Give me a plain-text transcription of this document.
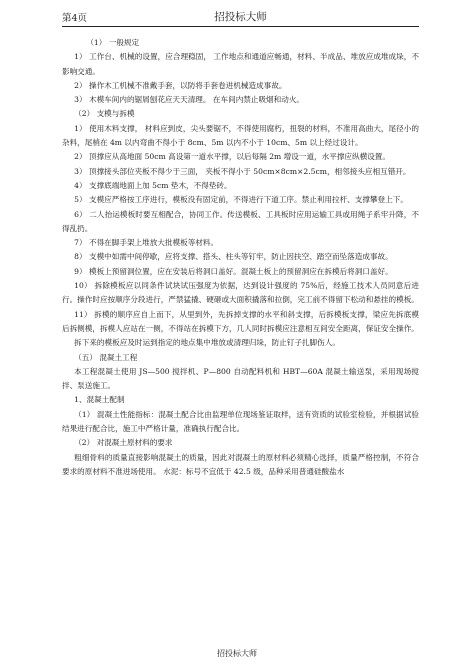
第4页	招投标大师

（1） 一般规定

1） 工作台、机械的设置，应合理稳固， 工作地点和通道应畅通，材料、半成品、堆放应成堆成垛，不影响交通。

2） 操作木工机械不准戴手套，以防将手套卷进机械造成事故。

3） 木模车间内的锯屑刨花应天天清理。 在车间内禁止吸烟和动火。

（2） 支模与拆模

1） 使用木料支撑， 材料应到皮，尖头要锯不，不得使用腐朽，扭裂的材料，不准用高曲大，尾径小的杂料，尾梢在 4m 以内弯曲不得小于 8cm、5m 以内不小于 10cm、5m 以上经过设计。

2） 顶撑应从高地面 50cm 高设第一道水平撑，以后每隔 2m 增设一道，水平撑应纵横设置。

3） 顶撑接头部位夹板不得少于三面， 夹板不得小于 50cm×8cm×2.5cm，相邻接头应相互错开。

4） 支撑底端地面上加 5cm 垫木，不得垫砖。

5） 支模应严格按工序进行，模板没有固定前，不得进行下道工序。禁止利用拉杆、支撑攀登上下。

6） 二人抬运模板时要互相配合，协同工作。传送模板、工具板时应用运输工具或用绳子系牢升降，不得乱扔。

7） 不得在脚手架上堆放大批模板等材料。

8） 支模中如需中间停歇，应将支撑、搭头、柱头等钉牢，防止因扶空、踏空而坠落造成事故。

9） 模板上预留洞位置，应在安装后将洞口盖好。混凝土板上的预留洞应在拆模后将洞口盖好。

10） 拆除模板应以同条件试块试压强度为依据，达到设计强度的 75%后，经施工技术人员同意后进行。操作时应按顺序分段进行，严禁猛撬、硬砸或大面积撬落和拉倒，完工前不得留下松动和悬挂的模板。

11） 拆模的顺序应自上而下，从里到外，先拆掉支撑的水平和斜支撑，后拆模板支撑，梁应先拆底模后拆侧模，拆模人应站在一侧，不得站在拆模下方，几人同时拆模应注意相互间安全距离，保证安全操作。

拆下来的模板应及时运到指定的地点集中堆放或清理归垛，防止钉子扎脚伤人。

（五） 混凝土工程

本工程混凝土使用 JS—500 搅拌机、P—800 自动配料机和 HBT—60A 混凝土输送泵，采用现场搅拌、泵送施工。

1、混凝土配制

（1） 混凝土性能指标：混凝土配合比由监理单位现场鉴证取样，送有资质的试验室检验，并根据试验结果进行配合比，施工中严格计量，准确执行配合比。

（2） 对混凝土原材料的要求

粗细骨料的质量直接影响混凝土的质量，因此对混凝土的原材料必须精心选择，质量严格控制，不符合要求的原材料不准进场使用。 水泥：标号不宜低于 42.5 级，品种采用普通硅酸盐水

招投标大师
